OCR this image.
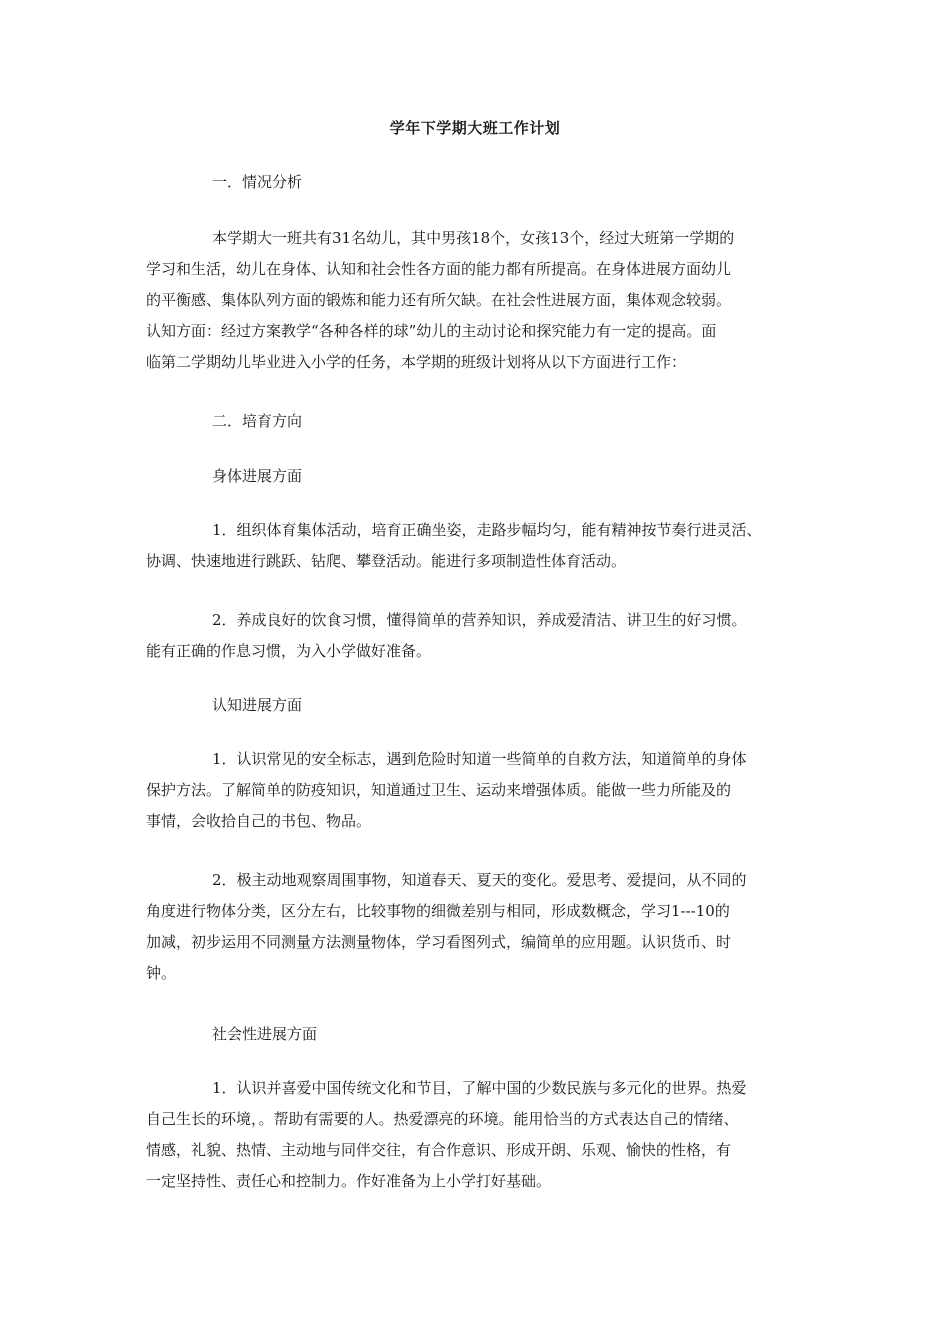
学年下学期大班工作计划
一．情况分析
本学期大一班共有31名幼儿，其中男孩18个，女孩13个，经过大班第一学期的
学习和生活，幼儿在身体、认知和社会性各方面的能力都有所提高。在身体进展方面幼儿
的平衡感、集体队列方面的锻炼和能力还有所欠缺。在社会性进展方面，集体观念较弱。
认知方面：经过方案教学“各种各样的球”幼儿的主动讨论和探究能力有一定的提高。面
临第二学期幼儿毕业进入小学的任务，本学期的班级计划将从以下方面进行工作：
二．培育方向
身体进展方面
1．组织体育集体活动，培育正确坐姿，走路步幅均匀，能有精神按节奏行进灵活、
协调、快速地进行跳跃、钻爬、攀登活动。能进行多项制造性体育活动。
2．养成良好的饮食习惯，懂得简单的营养知识，养成爱清洁、讲卫生的好习惯。
能有正确的作息习惯，为入小学做好准备。
认知进展方面
1．认识常见的安全标志，遇到危险时知道一些简单的自救方法，知道简单的身体
保护方法。了解简单的防疫知识，知道通过卫生、运动来增强体质。能做一些力所能及的
事情，会收拾自己的书包、物品。
2．极主动地观察周围事物，知道春天、夏天的变化。爱思考、爱提问，从不同的
角度进行物体分类，区分左右，比较事物的细微差别与相同，形成数概念，学习1---10的
加减，初步运用不同测量方法测量物体，学习看图列式，编简单的应用题。认识货币、时
钟。
社会性进展方面
1．认识并喜爱中国传统文化和节目，了解中国的少数民族与多元化的世界。热爱
自己生长的环境，。帮助有需要的人。热爱漂亮的环境。能用恰当的方式表达自己的情绪、
情感，礼貌、热情、主动地与同伴交往，有合作意识、形成开朗、乐观、愉快的性格，有
一定坚持性、责任心和控制力。作好准备为上小学打好基础。
